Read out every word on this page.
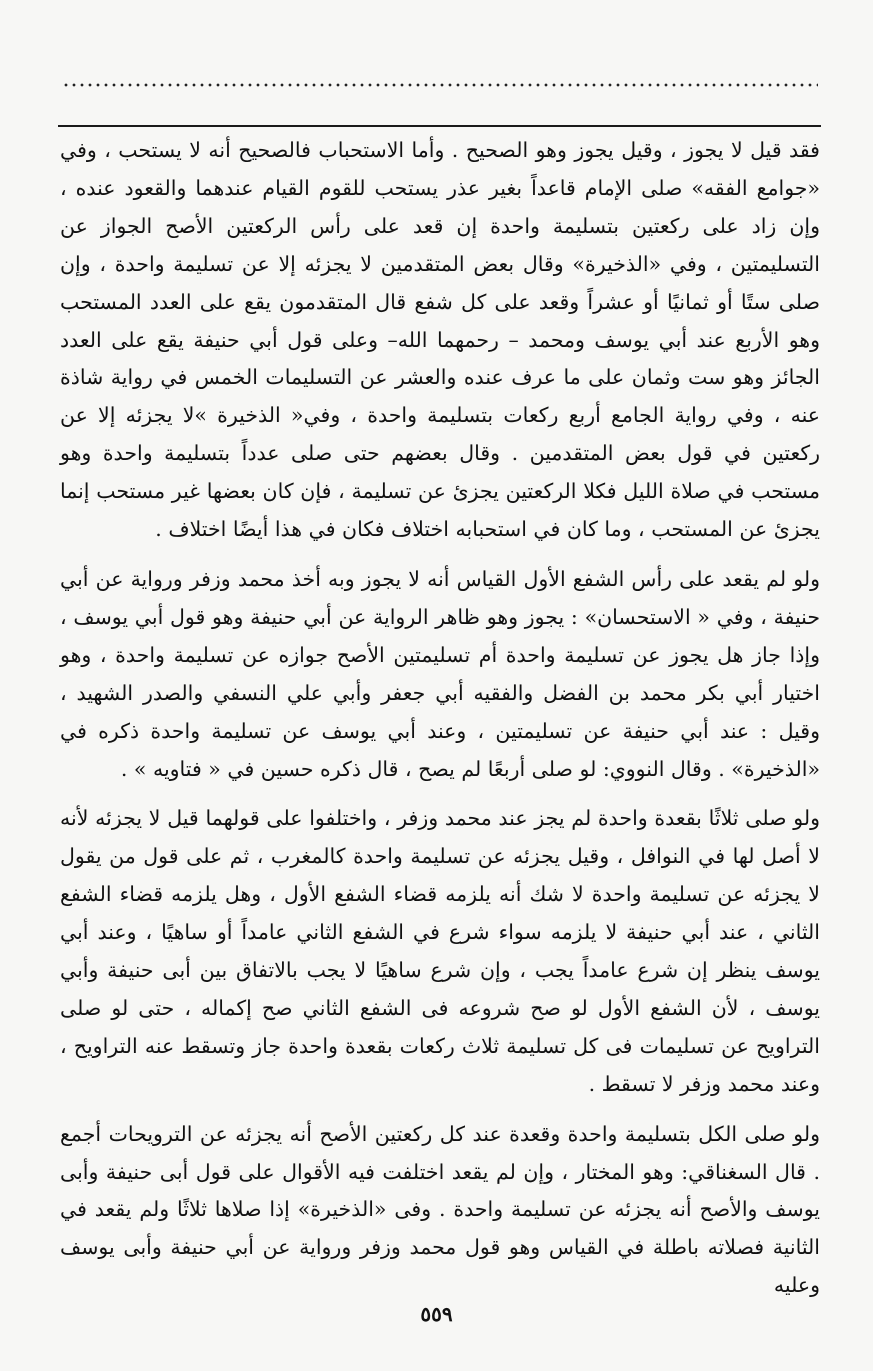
فقد قيل لا يجوز ، وقيل يجوز وهو الصحيح . وأما الاستحباب فالصحيح أنه لا يستحب ، وفي «جوامع الفقه» صلى الإمام قاعداً بغير عذر يستحب للقوم القيام عندهما والقعود عنده ، وإن زاد على ركعتين بتسليمة واحدة إن قعد على رأس الركعتين الأصح الجواز عن التسليمتين ، وفي «الذخيرة» وقال بعض المتقدمين لا يجزئه إلا عن تسليمة واحدة ، وإن صلى ستًا أو ثمانيًا أو عشراً وقعد على كل شفع قال المتقدمون يقع على العدد المستحب وهو الأربع عند أبي يوسف ومحمد – رحمهما الله– وعلى قول أبي حنيفة يقع على العدد الجائز وهو ست وثمان على ما عرف عنده والعشر عن التسليمات الخمس في رواية شاذة عنه ، وفي رواية الجامع أربع ركعات بتسليمة واحدة ، وفي« الذخيرة »لا يجزئه إلا عن ركعتين في قول بعض المتقدمين . وقال بعضهم حتى صلى عدداً بتسليمة واحدة وهو مستحب في صلاة الليل فكلا الركعتين يجزئ عن تسليمة ، فإن كان بعضها غير مستحب إنما يجزئ عن المستحب ، وما كان في استحبابه اختلاف فكان في هذا أيضًا اختلاف .

ولو لم يقعد على رأس الشفع الأول القياس أنه لا يجوز وبه أخذ محمد وزفر ورواية عن أبي حنيفة ، وفي « الاستحسان» : يجوز وهو ظاهر الرواية عن أبي حنيفة وهو قول أبي يوسف ، وإذا جاز هل يجوز عن تسليمة واحدة أم تسليمتين الأصح جوازه عن تسليمة واحدة ، وهو اختيار أبي بكر محمد بن الفضل والفقيه أبي جعفر وأبي علي النسفي والصدر الشهيد ، وقيل : عند أبي حنيفة عن تسليمتين ، وعند أبي يوسف عن تسليمة واحدة ذكره في «الذخيرة» . وقال النووي: لو صلى أربعًا لم يصح ، قال ذكره حسين في « فتاويه » .

ولو صلى ثلاثًا بقعدة واحدة لم يجز عند محمد وزفر ، واختلفوا على قولهما قيل لا يجزئه لأنه لا أصل لها في النوافل ، وقيل يجزئه عن تسليمة واحدة كالمغرب ، ثم على قول من يقول لا يجزئه عن تسليمة واحدة لا شك أنه يلزمه قضاء الشفع الأول ، وهل يلزمه قضاء الشفع الثاني ، عند أبي حنيفة لا يلزمه سواء شرع في الشفع الثاني عامداً أو ساهيًا ، وعند أبي يوسف ينظر إن شرع عامداً يجب ، وإن شرع ساهيًا لا يجب بالاتفاق بين أبى حنيفة وأبي يوسف ، لأن الشفع الأول لو صح شروعه فى الشفع الثاني صح إكماله ، حتى لو صلى التراويح عن تسليمات فى كل تسليمة ثلاث ركعات بقعدة واحدة جاز وتسقط عنه التراويح ، وعند محمد وزفر لا تسقط .

ولو صلى الكل بتسليمة واحدة وقعدة عند كل ركعتين الأصح أنه يجزئه عن الترويحات أجمع . قال السغناقي: وهو المختار ، وإن لم يقعد اختلفت فيه الأقوال على قول أبى حنيفة وأبى يوسف والأصح أنه يجزئه عن تسليمة واحدة . وفى «الذخيرة» إذا صلاها ثلاثًا ولم يقعد في الثانية فصلاته باطلة في القياس وهو قول محمد وزفر ورواية عن أبي حنيفة وأبى يوسف وعليه

٥٥٩
